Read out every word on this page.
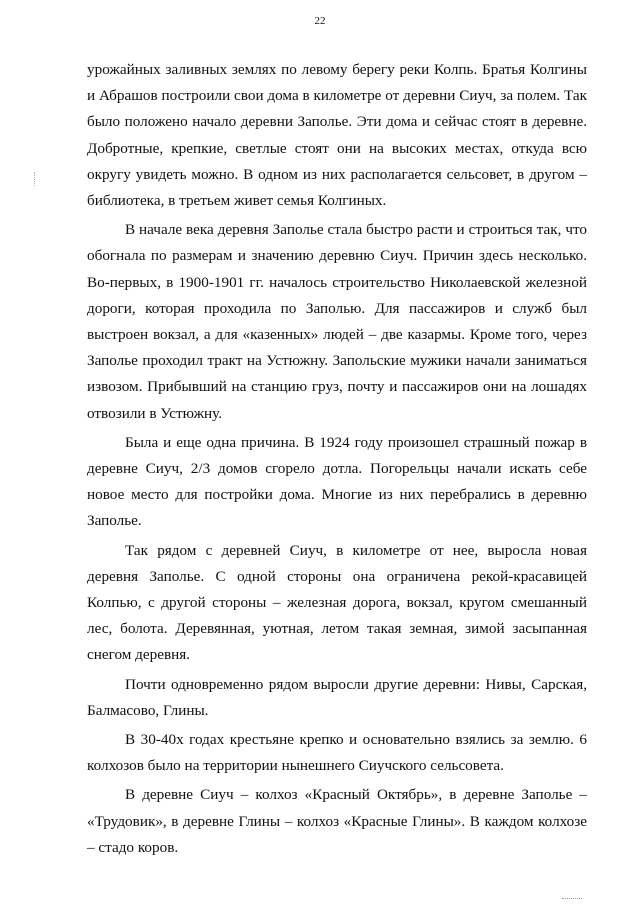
22

урожайных заливных землях по левому берегу реки Колпь. Братья Колгины и Абрашов построили свои дома в километре от деревни Сиуч, за полем. Так было положено начало деревни Заполье. Эти дома и сейчас стоят в деревне. Добротные, крепкие, светлые стоят они на высоких местах, откуда всю округу увидеть можно. В одном из них располагается сельсовет, в другом – библиотека, в третьем живет семья Колгиных.

В начале века деревня Заполье стала быстро расти и строиться так, что обогнала по размерам и значению деревню Сиуч. Причин здесь несколько. Во-первых, в 1900-1901 гг. началось строительство Николаевской железной дороги, которая проходила по Заполью. Для пассажиров и служб был выстроен вокзал, а для «казенных» людей – две казармы. Кроме того, через Заполье проходил тракт на Устюжну. Запольские мужики начали заниматься извозом. Прибывший на станцию груз, почту и пассажиров они на лошадях отвозили в Устюжну.

Была и еще одна причина. В 1924 году произошел страшный пожар в деревне Сиуч, 2/3 домов сгорело дотла. Погорельцы начали искать себе новое место для постройки дома. Многие из них перебрались в деревню Заполье.

Так рядом с деревней Сиуч, в километре от нее, выросла новая деревня Заполье. С одной стороны она ограничена рекой-красавицей Колпью, с другой стороны – железная дорога, вокзал, кругом смешанный лес, болота. Деревянная, уютная, летом такая земная, зимой засыпанная снегом деревня.

Почти одновременно рядом выросли другие деревни: Нивы, Сарская, Балмасово, Глины.

В 30-40х годах крестьяне крепко и основательно взялись за землю. 6 колхозов было на территории нынешнего Сиучского сельсовета.

В деревне Сиуч – колхоз «Красный Октябрь», в деревне Заполье – «Трудовик», в деревне Глины – колхоз «Красные Глины». В каждом колхозе – стадо коров.
